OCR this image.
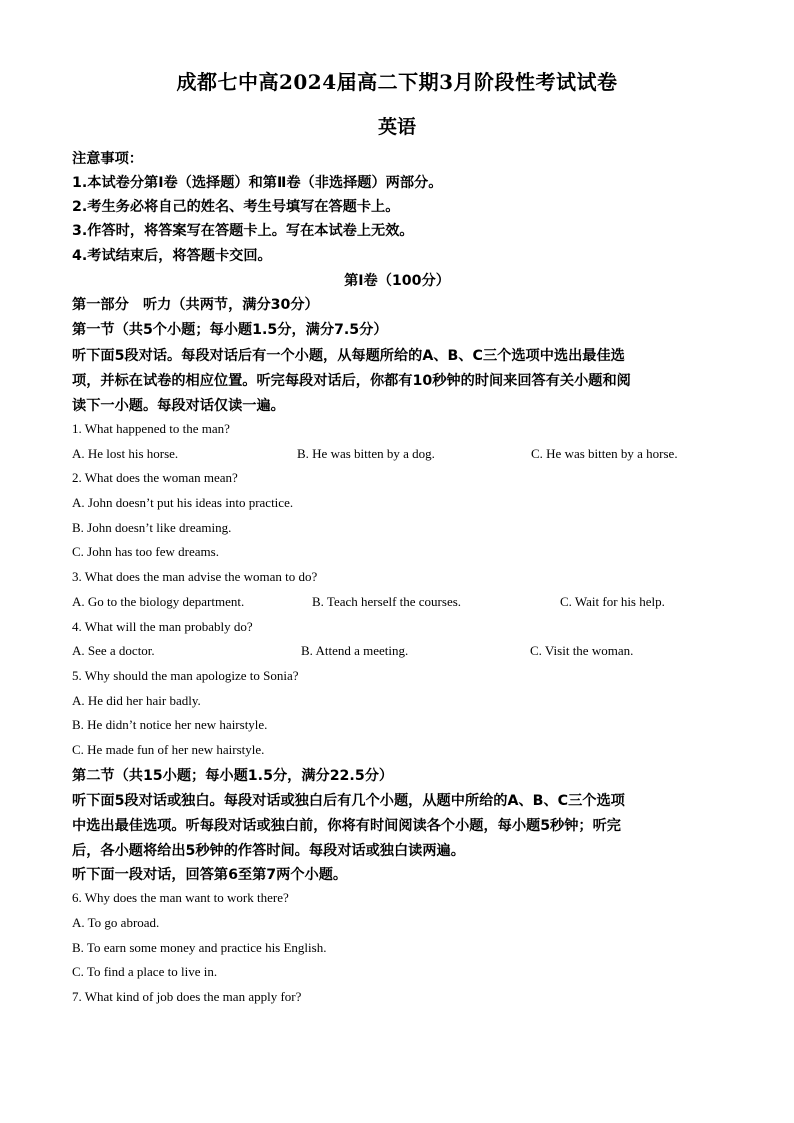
成都七中高2024届高二下期3月阶段性考试试卷
英语
注意事项：
1.本试卷分第Ⅰ卷（选择题）和第Ⅱ卷（非选择题）两部分。
2.考生务必将自己的姓名、考生号填写在答题卡上。
3.作答时，将答案写在答题卡上。写在本试卷上无效。
4.考试结束后，将答题卡交回。
第Ⅰ卷（100分）
第一部分　听力（共两节，满分30分）
第一节（共5个小题；每小题1.5分，满分7.5分）
听下面5段对话。每段对话后有一个小题，从每题所给的A、B、C三个选项中选出最佳选
项，并标在试卷的相应位置。听完每段对话后，你都有10秒钟的时间来回答有关小题和阅
读下一小题。每段对话仅读一遍。
1. What happened to the man?
A. He lost his horse.	B. He was bitten by a dog.	C. He was bitten by a horse.
2. What does the woman mean?
A. John doesn’t put his ideas into practice.
B. John doesn’t like dreaming.
C. John has too few dreams.
3. What does the man advise the woman to do?
A. Go to the biology department.	B. Teach herself the courses.	C. Wait for his help.
4. What will the man probably do?
A. See a doctor.	B. Attend a meeting.	C. Visit the woman.
5. Why should the man apologize to Sonia?
A. He did her hair badly.
B. He didn’t notice her new hairstyle.
C. He made fun of her new hairstyle.
第二节（共15小题；每小题1.5分，满分22.5分）
听下面5段对话或独白。每段对话或独白后有几个小题，从题中所给的A、B、C三个选项
中选出最佳选项。听每段对话或独白前，你将有时间阅读各个小题，每小题5秒钟；听完
后，各小题将给出5秒钟的作答时间。每段对话或独白读两遍。
听下面一段对话，回答第6至第7两个小题。
6. Why does the man want to work there?
A. To go abroad.
B. To earn some money and practice his English.
C. To find a place to live in.
7. What kind of job does the man apply for?
